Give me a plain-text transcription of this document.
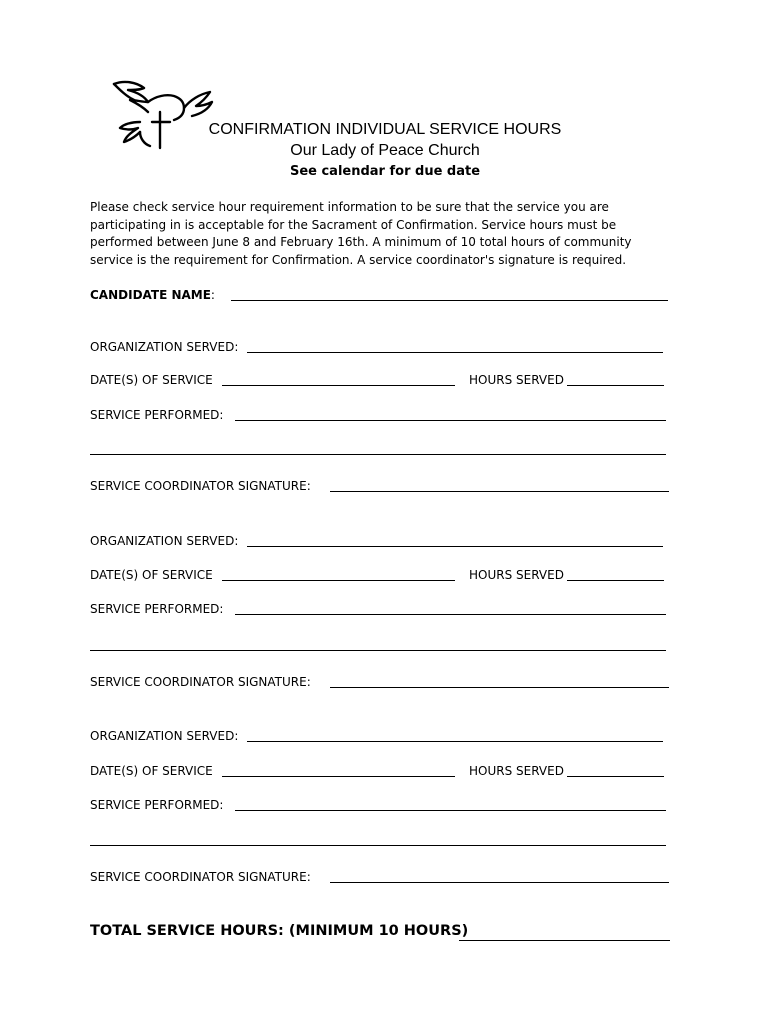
CONFIRMATION INDIVIDUAL SERVICE HOURS
Our Lady of Peace Church
See calendar for due date
Please check service hour requirement information to be sure that the service you are participating in is acceptable for the Sacrament of Confirmation. Service hours must be performed between June 8 and February 16th. A minimum of 10 total hours of community service is the requirement for Confirmation. A service coordinator's signature is required.
CANDIDATE NAME:
ORGANIZATION SERVED:
DATE(S) OF SERVICE	HOURS SERVED
SERVICE PERFORMED:
SERVICE COORDINATOR SIGNATURE:
ORGANIZATION SERVED:
DATE(S) OF SERVICE	HOURS SERVED
SERVICE PERFORMED:
SERVICE COORDINATOR SIGNATURE:
ORGANIZATION SERVED:
DATE(S) OF SERVICE	HOURS SERVED
SERVICE PERFORMED:
SERVICE COORDINATOR SIGNATURE:
TOTAL SERVICE HOURS: (MINIMUM 10 HOURS)
